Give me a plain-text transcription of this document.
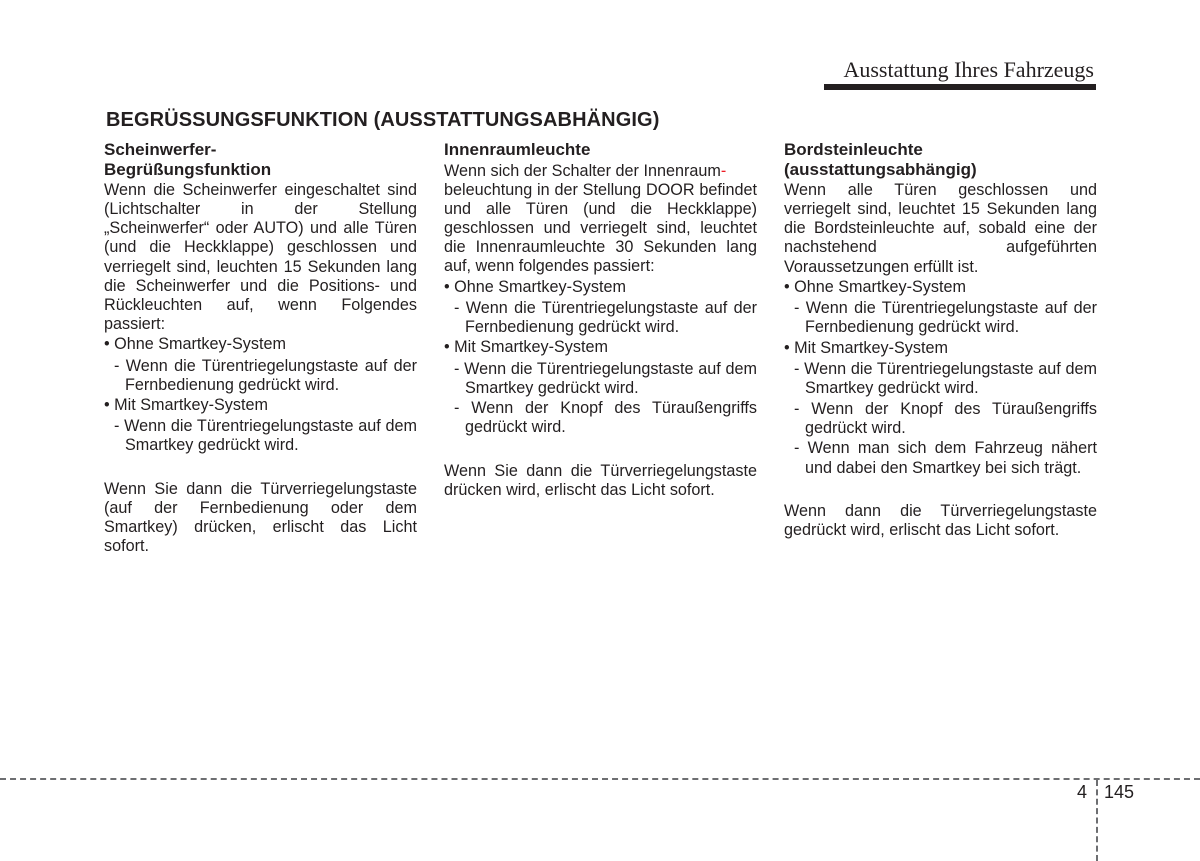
Ausstattung Ihres Fahrzeugs
BEGRÜSSUNGSFUNKTION (AUSSTATTUNGSABHÄNGIG)
Scheinwerfer-
Begrüßungsfunktion

Wenn die Scheinwerfer eingeschaltet sind (Lichtschalter in der Stellung „Scheinwerfer“ oder AUTO) und alle Türen (und die Heckklappe) geschlossen und verriegelt sind, leuchten 15 Sekunden lang die Scheinwerfer und die Positions- und Rückleuchten auf, wenn Folgendes passiert:

• Ohne Smartkey-System
- Wenn die Türentriegelungstaste auf der Fernbedienung gedrückt wird.
• Mit Smartkey-System
- Wenn die Türentriegelungstaste auf dem Smartkey gedrückt wird.

Wenn Sie dann die Türverriegelungstaste (auf der Fernbedienung oder dem Smartkey) drücken, erlischt das Licht sofort.

Innenraumleuchte

Wenn sich der Schalter der Innenraum-
beleuchtung in der Stellung DOOR befindet und alle Türen (und die Heckklappe) geschlossen und verriegelt sind, leuchtet die Innenraumleuchte 30 Sekunden lang auf, wenn folgendes passiert:

• Ohne Smartkey-System
- Wenn die Türentriegelungstaste auf der Fernbedienung gedrückt wird.
• Mit Smartkey-System
- Wenn die Türentriegelungstaste auf dem Smartkey gedrückt wird.
- Wenn der Knopf des Türaußengriffs gedrückt wird.

Wenn Sie dann die Türverriegelungstaste drücken wird, erlischt das Licht sofort.

Bordsteinleuchte
(ausstattungsabhängig)

Wenn alle Türen geschlossen und verriegelt sind, leuchtet 15 Sekunden lang die Bordsteinleuchte auf, sobald eine der nachstehend aufgeführten Voraussetzungen erfüllt ist.

• Ohne Smartkey-System
- Wenn die Türentriegelungstaste auf der Fernbedienung gedrückt wird.
• Mit Smartkey-System
- Wenn die Türentriegelungstaste auf dem Smartkey gedrückt wird.
- Wenn der Knopf des Türaußengriffs gedrückt wird.
- Wenn man sich dem Fahrzeug nähert und dabei den Smartkey bei sich trägt.

Wenn dann die Türverriegelungstaste gedrückt wird, erlischt das Licht sofort.

4 145
